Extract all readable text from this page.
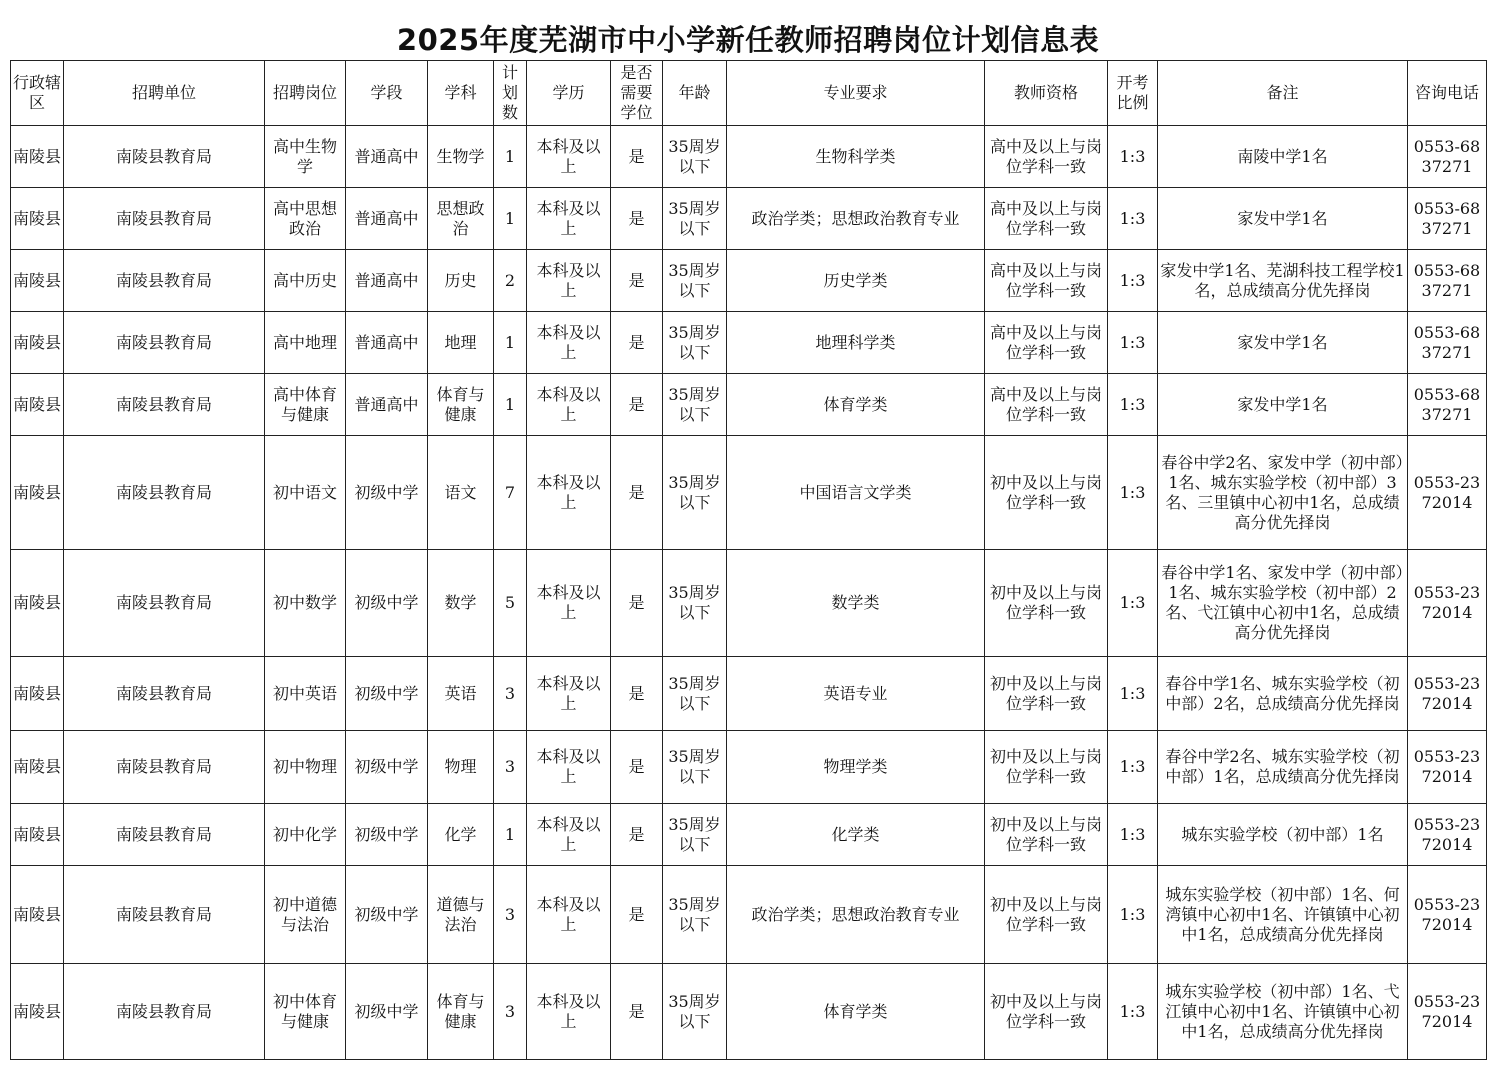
2025年度芜湖市中小学新任教师招聘岗位计划信息表
行政辖区	招聘单位	招聘岗位	学段	学科	计划数	学历	是否需要学位	年龄	专业要求	教师资格	开考比例	备注	咨询电话
南陵县	南陵县教育局	高中生物学	普通高中	生物学	1	本科及以上	是	35周岁以下	生物科学类	高中及以上与岗位学科一致	1:3	南陵中学1名	0553-6837271
南陵县	南陵县教育局	高中思想政治	普通高中	思想政治	1	本科及以上	是	35周岁以下	政治学类；思想政治教育专业	高中及以上与岗位学科一致	1:3	家发中学1名	0553-6837271
南陵县	南陵县教育局	高中历史	普通高中	历史	2	本科及以上	是	35周岁以下	历史学类	高中及以上与岗位学科一致	1:3	家发中学1名、芜湖科技工程学校1名，总成绩高分优先择岗	0553-6837271
南陵县	南陵县教育局	高中地理	普通高中	地理	1	本科及以上	是	35周岁以下	地理科学类	高中及以上与岗位学科一致	1:3	家发中学1名	0553-6837271
南陵县	南陵县教育局	高中体育与健康	普通高中	体育与健康	1	本科及以上	是	35周岁以下	体育学类	高中及以上与岗位学科一致	1:3	家发中学1名	0553-6837271
南陵县	南陵县教育局	初中语文	初级中学	语文	7	本科及以上	是	35周岁以下	中国语言文学类	初中及以上与岗位学科一致	1:3	春谷中学2名、家发中学（初中部）1名、城东实验学校（初中部）3名、三里镇中心初中1名，总成绩高分优先择岗	0553-2372014
南陵县	南陵县教育局	初中数学	初级中学	数学	5	本科及以上	是	35周岁以下	数学类	初中及以上与岗位学科一致	1:3	春谷中学1名、家发中学（初中部）1名、城东实验学校（初中部）2名、弋江镇中心初中1名，总成绩高分优先择岗	0553-2372014
南陵县	南陵县教育局	初中英语	初级中学	英语	3	本科及以上	是	35周岁以下	英语专业	初中及以上与岗位学科一致	1:3	春谷中学1名、城东实验学校（初中部）2名，总成绩高分优先择岗	0553-2372014
南陵县	南陵县教育局	初中物理	初级中学	物理	3	本科及以上	是	35周岁以下	物理学类	初中及以上与岗位学科一致	1:3	春谷中学2名、城东实验学校（初中部）1名，总成绩高分优先择岗	0553-2372014
南陵县	南陵县教育局	初中化学	初级中学	化学	1	本科及以上	是	35周岁以下	化学类	初中及以上与岗位学科一致	1:3	城东实验学校（初中部）1名	0553-2372014
南陵县	南陵县教育局	初中道德与法治	初级中学	道德与法治	3	本科及以上	是	35周岁以下	政治学类；思想政治教育专业	初中及以上与岗位学科一致	1:3	城东实验学校（初中部）1名、何湾镇中心初中1名、许镇镇中心初中1名，总成绩高分优先择岗	0553-2372014
南陵县	南陵县教育局	初中体育与健康	初级中学	体育与健康	3	本科及以上	是	35周岁以下	体育学类	初中及以上与岗位学科一致	1:3	城东实验学校（初中部）1名、弋江镇中心初中1名、许镇镇中心初中1名，总成绩高分优先择岗	0553-2372014
